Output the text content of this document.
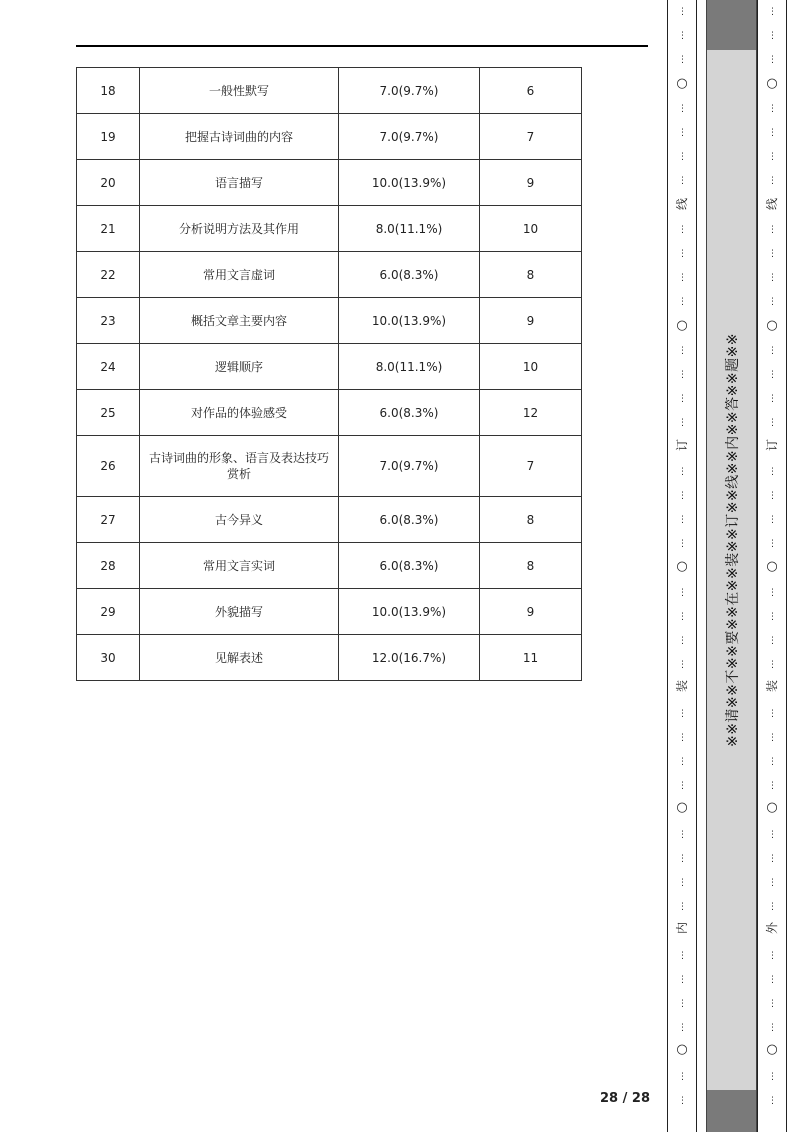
18	一般性默写	7.0(9.7%)	6
19	把握古诗词曲的内容	7.0(9.7%)	7
20	语言描写	10.0(13.9%)	9
21	分析说明方法及其作用	8.0(11.1%)	10
22	常用文言虚词	6.0(8.3%)	8
23	概括文章主要内容	10.0(13.9%)	9
24	逻辑顺序	8.0(11.1%)	10
25	对作品的体验感受	6.0(8.3%)	12
26	古诗词曲的形象、语言及表达技巧赏析	7.0(9.7%)	7
27	古今异义	6.0(8.3%)	8
28	常用文言实词	6.0(8.3%)	8
29	外貌描写	10.0(13.9%)	9
30	见解表述	12.0(16.7%)	11
28 / 28
⋮
⋮
⋮
⋮
⋮
⋮
⋮
⋮
⋮
⋮
⋮
⋮
⋮
⋮
⋮
⋮
⋮
⋮
⋮
⋮
⋮
⋮
⋮
⋮
⋮
⋮
⋮
⋮
⋮
⋮
⋮
⋮
⋮
⋮
⋮
⋮
⋮
○
○
○
○
○
线
订
装
内
※※请※※不※※要※※在※※装※※订※※线※※内※※答※※题※※
⋮
⋮
⋮
⋮
⋮
⋮
⋮
⋮
⋮
⋮
⋮
⋮
⋮
⋮
⋮
⋮
⋮
⋮
⋮
⋮
⋮
⋮
⋮
⋮
⋮
⋮
⋮
⋮
⋮
⋮
⋮
⋮
⋮
⋮
⋮
⋮
⋮
○
○
○
○
○
线
订
装
外
